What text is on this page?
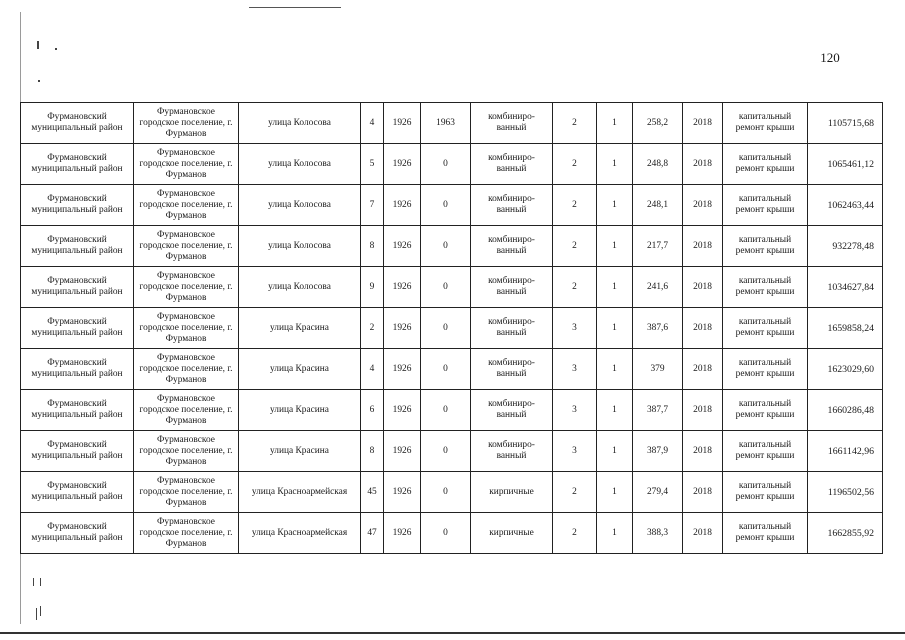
120
Фурмановский муниципальный район	Фурмановское городское поселение, г. Фурманов	улица Колосова	4	1926	1963	комбиниро-ванный	2	1	258,2	2018	капитальный ремонт крыши	1105715,68
Фурмановский муниципальный район	Фурмановское городское поселение, г. Фурманов	улица Колосова	5	1926	0	комбиниро-ванный	2	1	248,8	2018	капитальный ремонт крыши	1065461,12
Фурмановский муниципальный район	Фурмановское городское поселение, г. Фурманов	улица Колосова	7	1926	0	комбиниро-ванный	2	1	248,1	2018	капитальный ремонт крыши	1062463,44
Фурмановский муниципальный район	Фурмановское городское поселение, г. Фурманов	улица Колосова	8	1926	0	комбиниро-ванный	2	1	217,7	2018	капитальный ремонт крыши	932278,48
Фурмановский муниципальный район	Фурмановское городское поселение, г. Фурманов	улица Колосова	9	1926	0	комбиниро-ванный	2	1	241,6	2018	капитальный ремонт крыши	1034627,84
Фурмановский муниципальный район	Фурмановское городское поселение, г. Фурманов	улица Красина	2	1926	0	комбиниро-ванный	3	1	387,6	2018	капитальный ремонт крыши	1659858,24
Фурмановский муниципальный район	Фурмановское городское поселение, г. Фурманов	улица Красина	4	1926	0	комбиниро-ванный	3	1	379	2018	капитальный ремонт крыши	1623029,60
Фурмановский муниципальный район	Фурмановское городское поселение, г. Фурманов	улица Красина	6	1926	0	комбиниро-ванный	3	1	387,7	2018	капитальный ремонт крыши	1660286,48
Фурмановский муниципальный район	Фурмановское городское поселение, г. Фурманов	улица Красина	8	1926	0	комбиниро-ванный	3	1	387,9	2018	капитальный ремонт крыши	1661142,96
Фурмановский муниципальный район	Фурмановское городское поселение, г. Фурманов	улица Красноармейская	45	1926	0	кирпичные	2	1	279,4	2018	капитальный ремонт крыши	1196502,56
Фурмановский муниципальный район	Фурмановское городское поселение, г. Фурманов	улица Красноармейская	47	1926	0	кирпичные	2	1	388,3	2018	капитальный ремонт крыши	1662855,92
